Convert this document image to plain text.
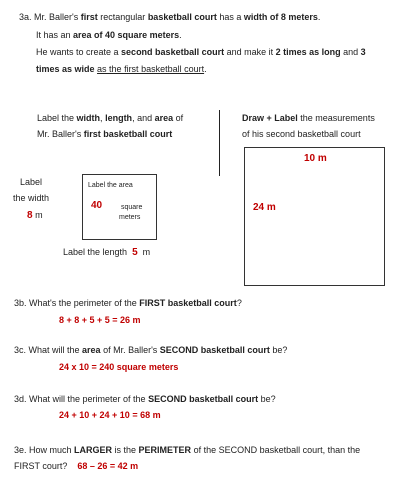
3a. Mr. Baller's first rectangular basketball court has a width of 8 meters.
It has an area of 40 square meters.
He wants to create a second basketball court and make it 2 times as long and 3
times as wide as the first basketball court.
Label the width, length, and area of
Mr. Baller's first basketball court
Draw + Label the measurements
of his second basketball court
Label
the width
8 m
Label the area
40	square
meters
Label the length 5 m
10 m
24 m
3b. What's the perimeter of the FIRST basketball court?
8 + 8 + 5 + 5 = 26 m
3c. What will the area of Mr. Baller's SECOND basketball court be?
24 x 10 = 240 square meters
3d. What will the perimeter of the SECOND basketball court be?
24 + 10 + 24 + 10 = 68 m
3e. How much LARGER is the PERIMETER of the SECOND basketball court, than the
FIRST court? 68 – 26 = 42 m
